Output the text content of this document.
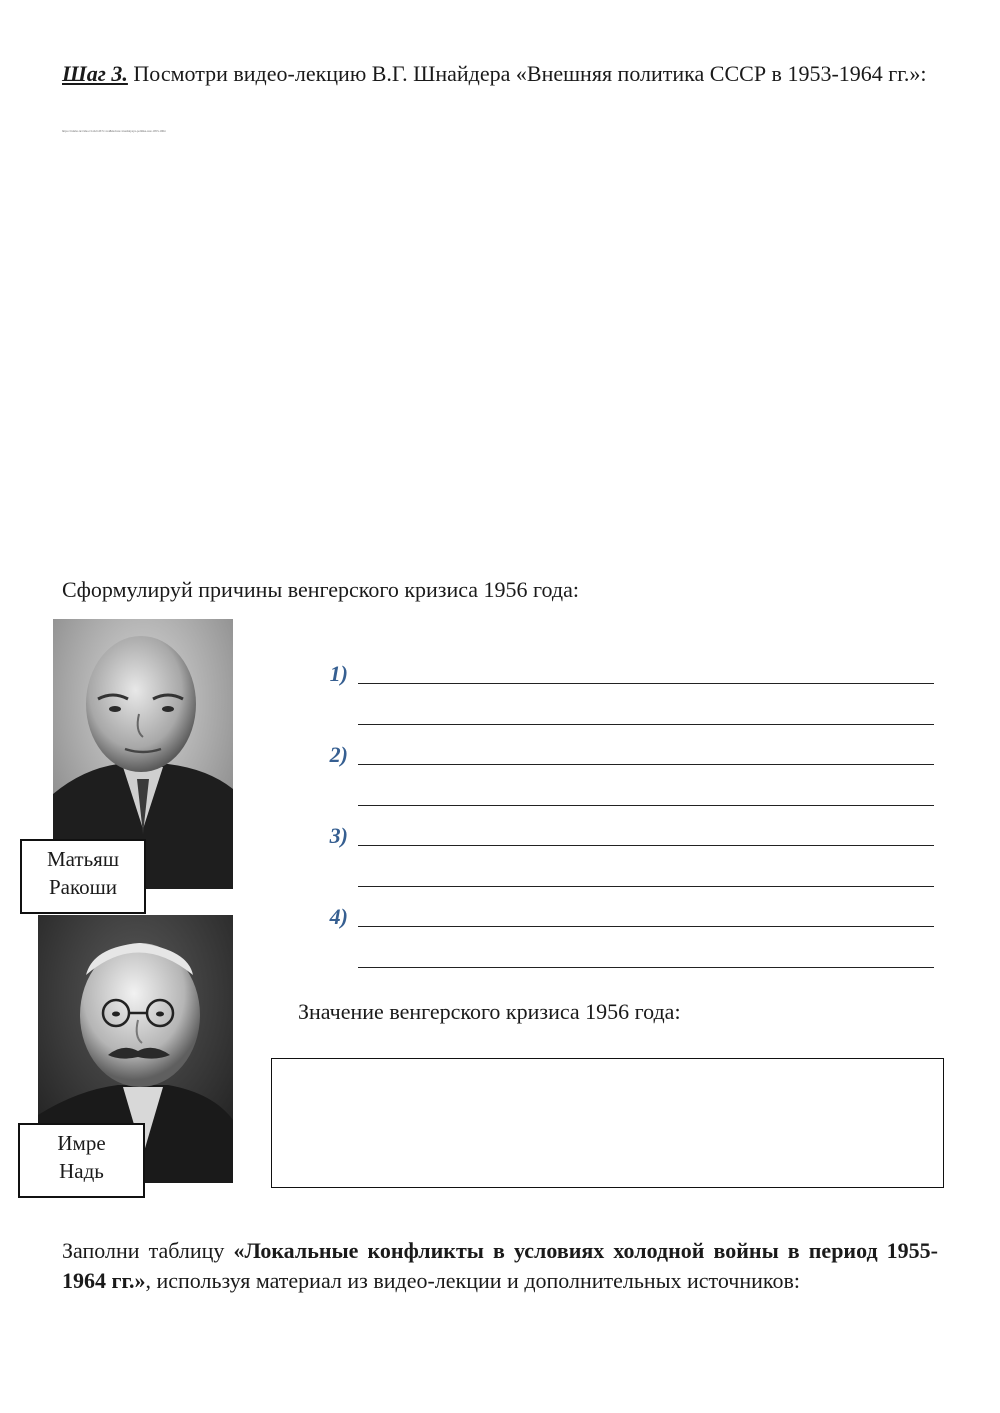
Шаг 3. Посмотри видео-лекцию В.Г. Шнайдера «Внешняя политика СССР в 1953-1964 гг.»:
https://rutube.ru/video/c1ab2cd3/?r=wd&lecture=vneshnyaya-politika-sssr-1953-1964
Сформулируй причины венгерского кризиса 1956 года:
Матьяш
Ракоши
Имре
Надь
1)
2)
3)
4)
Значение венгерского кризиса 1956 года:
Заполни таблицу «Локальные конфликты в условиях холодной войны в период 1955-1964 гг.», используя материал из видео-лекции и дополнительных источников:
